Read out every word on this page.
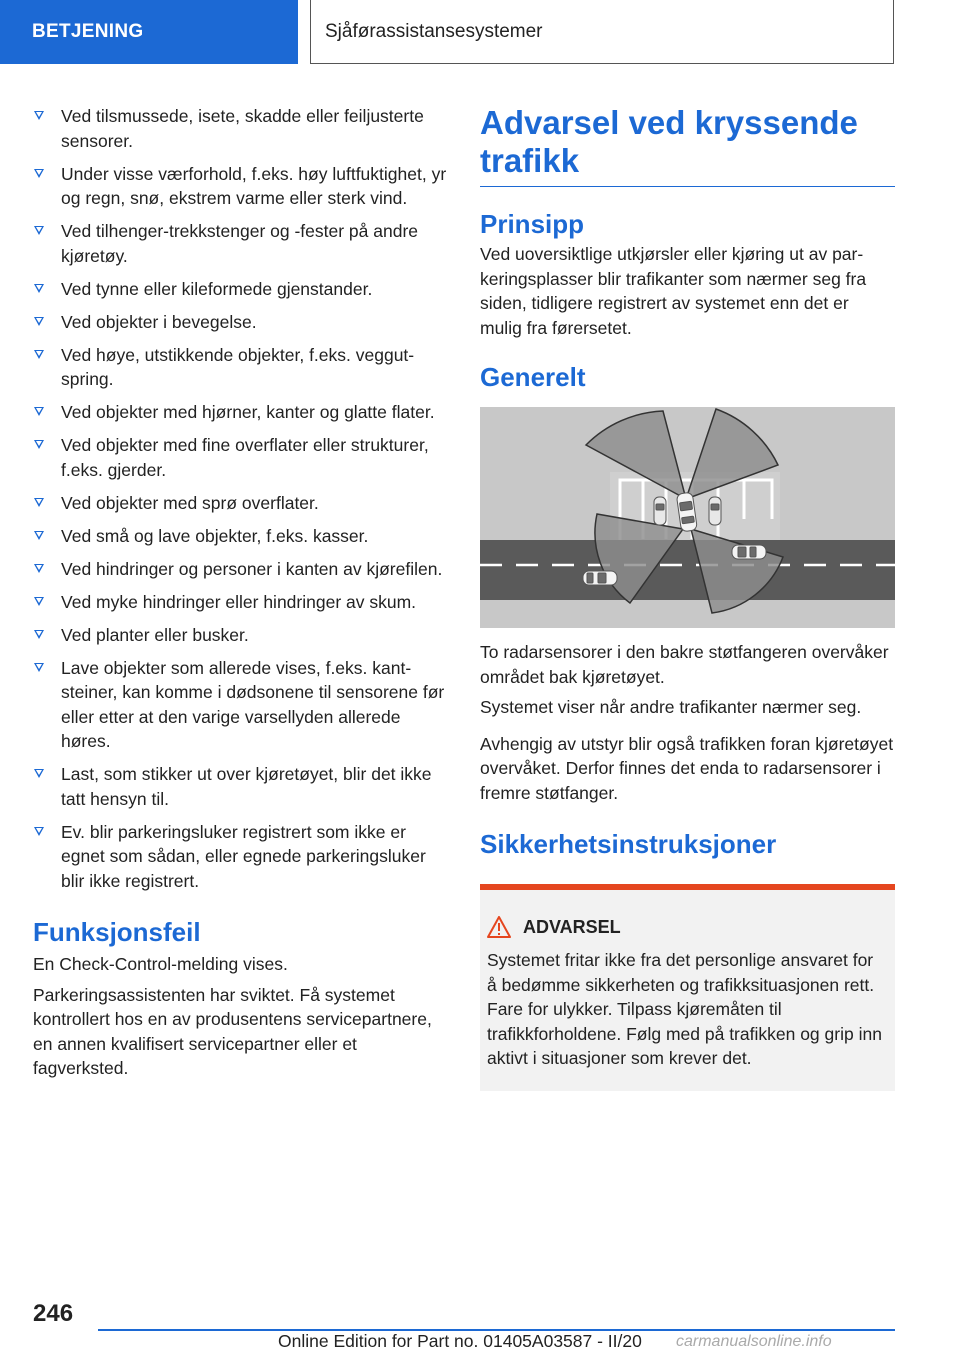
BETJENING	Sjåførassistansesystemer
Ved tilsmussede, isete, skadde eller feiljusterte sensorer.
Under visse værforhold, f.eks. høy luftfuktighet, yr og regn, snø, ekstrem varme eller sterk vind.
Ved tilhenger-trekkstenger og -fester på andre kjøretøy.
Ved tynne eller kileformede gjenstander.
Ved objekter i bevegelse.
Ved høye, utstikkende objekter, f.eks. veggutspring.
Ved objekter med hjørner, kanter og glatte flater.
Ved objekter med fine overflater eller strukturer, f.eks. gjerder.
Ved objekter med sprø overflater.
Ved små og lave objekter, f.eks. kasser.
Ved hindringer og personer i kanten av kjørefilen.
Ved myke hindringer eller hindringer av skum.
Ved planter eller busker.
Lave objekter som allerede vises, f.eks. kantsteiner, kan komme i dødsonene til sensorene før eller etter at den varige varsellyden allerede høres.
Last, som stikker ut over kjøretøyet, blir det ikke tatt hensyn til.
Ev. blir parkeringsluker registrert som ikke er egnet som sådan, eller egnede parkeringsluker blir ikke registrert.
Funksjonsfeil

En Check-Control-melding vises.

Parkeringsassistenten har sviktet. Få systemet kontrollert hos en av produsentens servicepartnere, en annen kvalifisert servicepartner eller et fagverksted.

Advarsel ved kryssende trafikk
Prinsipp

Ved uoversiktlige utkjørsler eller kjøring ut av parkeringsplasser blir trafikanter som nærmer seg fra siden, tidligere registrert av systemet enn det er mulig fra førersetet.

Generelt

To radarsensorer i den bakre støtfangeren overvåker området bak kjøretøyet.

Systemet viser når andre trafikanter nærmer seg.

Avhengig av utstyr blir også trafikken foran kjøretøyet overvåket. Derfor finnes det enda to radarsensorer i fremre støtfanger.

Sikkerhetsinstruksjoner
ADVARSEL

Systemet fritar ikke fra det personlige ansvaret for å bedømme sikkerheten og trafikksituasjonen rett. Fare for ulykker. Tilpass kjøremåten til trafikkforholdene. Følg med på trafikken og grip inn aktivt i situasjoner som krever det.

246
Online Edition for Part no. 01405A03587 - II/20 carmanualsonline.info
